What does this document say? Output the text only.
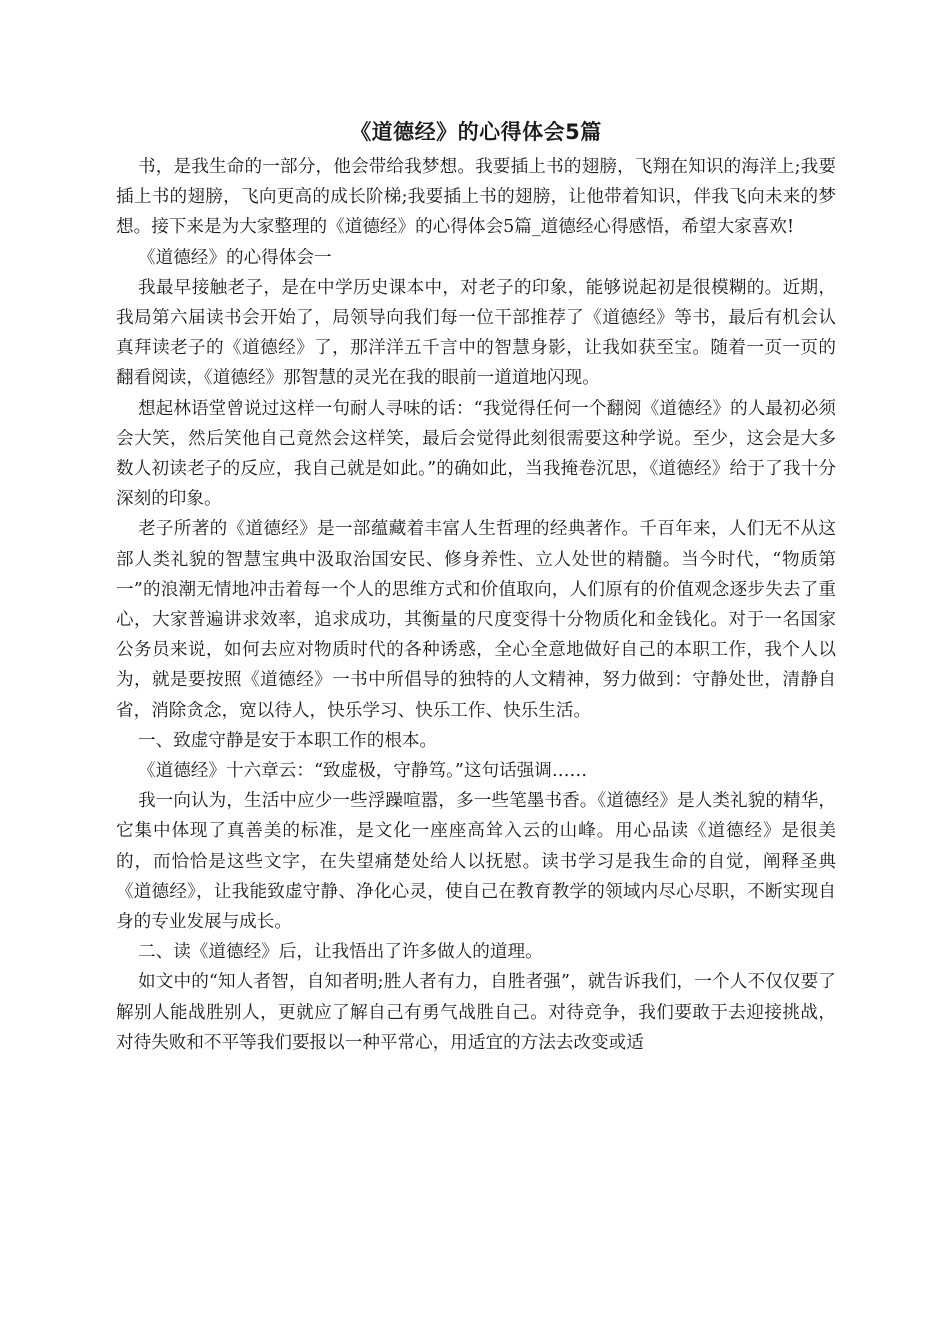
《道德经》的心得体会5篇

书，是我生命的一部分，他会带给我梦想。我要插上书的翅膀，飞翔在知识的海洋上;我要插上书的翅膀，飞向更高的成长阶梯;我要插上书的翅膀，让他带着知识，伴我飞向未来的梦想。接下来是为大家整理的《道德经》的心得体会5篇_道德经心得感悟，希望大家喜欢!

《道德经》的心得体会一

我最早接触老子，是在中学历史课本中，对老子的印象，能够说起初是很模糊的。近期，我局第六届读书会开始了，局领导向我们每一位干部推荐了《道德经》等书，最后有机会认真拜读老子的《道德经》了，那洋洋五千言中的智慧身影，让我如获至宝。随着一页一页的翻看阅读，《道德经》那智慧的灵光在我的眼前一道道地闪现。

想起林语堂曾说过这样一句耐人寻味的话：“我觉得任何一个翻阅《道德经》的人最初必须会大笑，然后笑他自己竟然会这样笑，最后会觉得此刻很需要这种学说。至少，这会是大多数人初读老子的反应，我自己就是如此。”的确如此，当我掩卷沉思，《道德经》给于了我十分深刻的印象。

老子所著的《道德经》是一部蕴藏着丰富人生哲理的经典著作。千百年来，人们无不从这部人类礼貌的智慧宝典中汲取治国安民、修身养性、立人处世的精髓。当今时代，“物质第一”的浪潮无情地冲击着每一个人的思维方式和价值取向，人们原有的价值观念逐步失去了重心，大家普遍讲求效率，追求成功，其衡量的尺度变得十分物质化和金钱化。对于一名国家公务员来说，如何去应对物质时代的各种诱惑，全心全意地做好自己的本职工作，我个人以为，就是要按照《道德经》一书中所倡导的独特的人文精神，努力做到：守静处世，清静自省，消除贪念，宽以待人，快乐学习、快乐工作、快乐生活。

一、致虚守静是安于本职工作的根本。

《道德经》十六章云：“致虚极，守静笃。”这句话强调……

我一向认为，生活中应少一些浮躁喧嚣，多一些笔墨书香。《道德经》是人类礼貌的精华，它集中体现了真善美的标准，是文化一座座高耸入云的山峰。用心品读《道德经》是很美的，而恰恰是这些文字，在失望痛楚处给人以抚慰。读书学习是我生命的自觉，阐释圣典《道德经》，让我能致虚守静、净化心灵，使自己在教育教学的领域内尽心尽职，不断实现自身的专业发展与成长。

二、读《道德经》后，让我悟出了许多做人的道理。

如文中的“知人者智，自知者明;胜人者有力，自胜者强”，就告诉我们，一个人不仅仅要了解别人能战胜别人，更就应了解自己有勇气战胜自己。对待竞争，我们要敢于去迎接挑战，对待失败和不平等我们要报以一种平常心，用适宜的方法去改变或适
